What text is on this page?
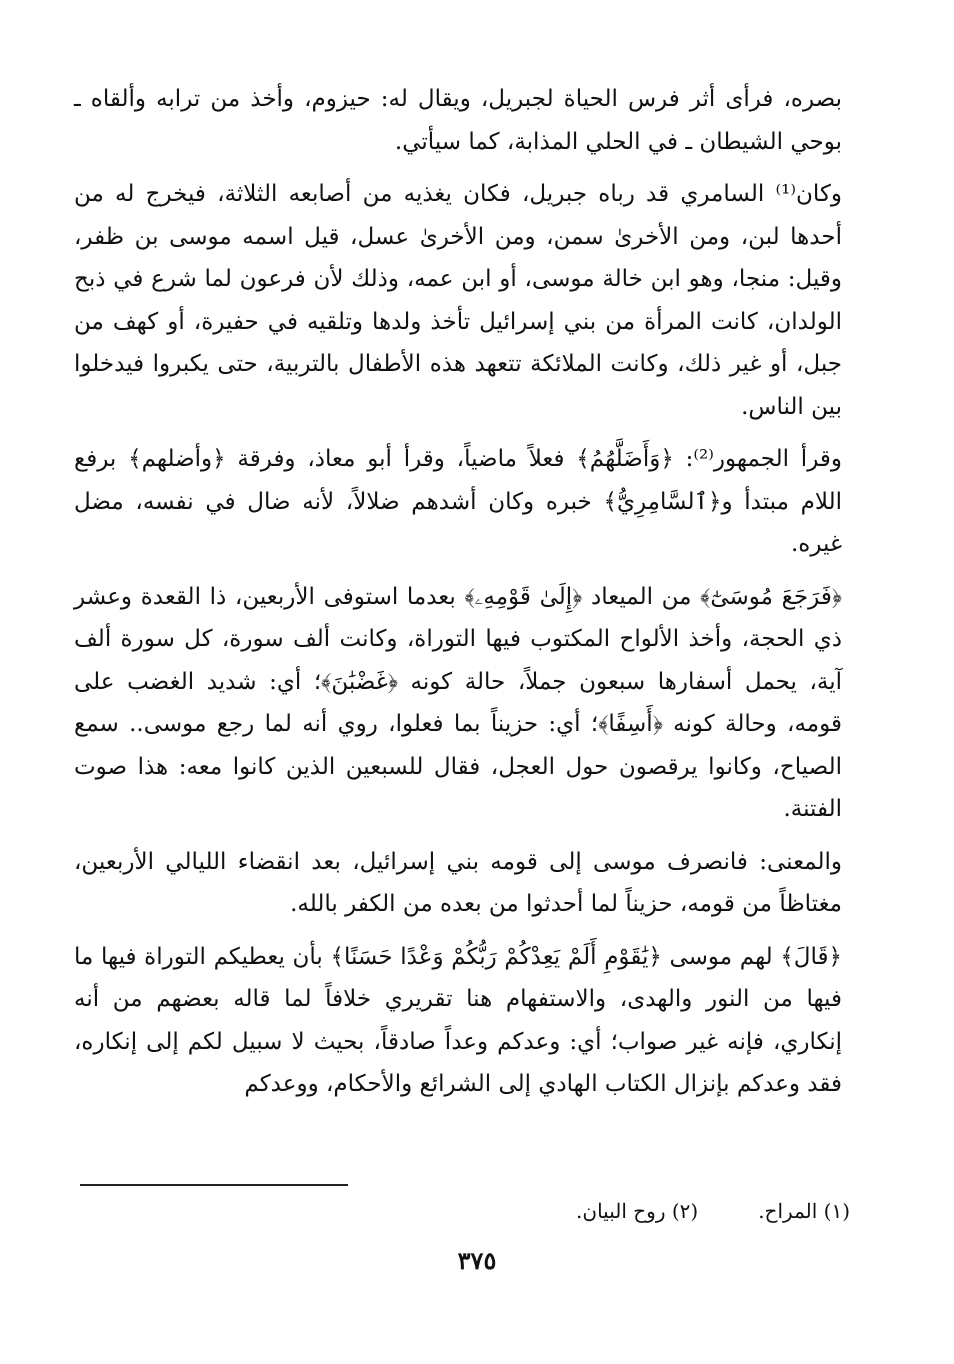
بصره، فرأى أثر فرس الحياة لجبريل، ويقال له: حيزوم، وأخذ من ترابه وألقاه ـ بوحي الشيطان ـ في الحلي المذابة، كما سيأتي.

وكان⁽¹⁾ السامري قد رباه جبريل، فكان يغذيه من أصابعه الثلاثة، فيخرج له من أحدها لبن، ومن الأخرىٰ سمن، ومن الأخرىٰ عسل، قيل اسمه موسى بن ظفر، وقيل: منجا، وهو ابن خالة موسى، أو ابن عمه، وذلك لأن فرعون لما شرع في ذبح الولدان، كانت المرأة من بني إسرائيل تأخذ ولدها وتلقيه في حفيرة، أو كهف من جبل، أو غير ذلك، وكانت الملائكة تتعهد هذه الأطفال بالتربية، حتى يكبروا فيدخلوا بين الناس.

وقرأ الجمهور⁽²⁾: ﴿وَأَضَلَّهُمُ﴾ فعلاً ماضياً، وقرأ أبو معاذ، وفرقة ﴿وأضلهم﴾ برفع اللام مبتدأ و﴿ٱلسَّامِرِيُّ﴾ خبره وكان أشدهم ضلالاً، لأنه ضال في نفسه، مضل غيره.

﴿فَرَجَعَ مُوسَىٰٓ﴾ من الميعاد ﴿إِلَىٰ قَوْمِهِۦ﴾ بعدما استوفى الأربعين، ذا القعدة وعشر ذي الحجة، وأخذ الألواح المكتوب فيها التوراة، وكانت ألف سورة، كل سورة ألف آية، يحمل أسفارها سبعون جملاً، حالة كونه ﴿غَضْبَٰنَ﴾؛ أي: شديد الغضب على قومه، وحالة كونه ﴿أَسِفًا﴾؛ أي: حزيناً بما فعلوا، روي أنه لما رجع موسى.. سمع الصياح، وكانوا يرقصون حول العجل، فقال للسبعين الذين كانوا معه: هذا صوت الفتنة.

والمعنى: فانصرف موسى إلى قومه بني إسرائيل، بعد انقضاء الليالي الأربعين، مغتاظاً من قومه، حزيناً لما أحدثوا من بعده من الكفر بالله.

﴿قَالَ﴾ لهم موسى ﴿يَٰقَوْمِ أَلَمْ يَعِدْكُمْ رَبُّكُمْ وَعْدًا حَسَنًا﴾ بأن يعطيكم التوراة فيها ما فيها من النور والهدى، والاستفهام هنا تقريري خلافاً لما قاله بعضهم من أنه إنكاري، فإنه غير صواب؛ أي: وعدكم وعداً صادقاً، بحيث لا سبيل لكم إلى إنكاره، فقد وعدكم بإنزال الكتاب الهادي إلى الشرائع والأحكام، ووعدكم

(١) المراح.
(٢) روح البيان.
٣٧٥
